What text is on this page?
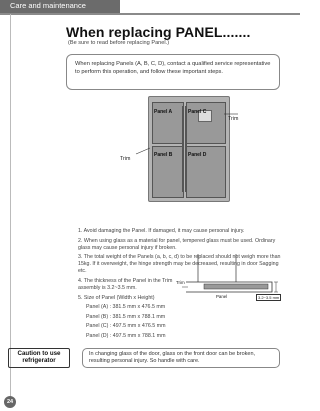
Care and maintenance
When replacing PANEL.......
(Be sure to read before replacing Panel.)
When replacing Panels (A, B, C, D), contact a qualified service representative to perform this operation, and follow these important steps.
Panel A	Panel C
Panel B	Panel D
Trim
Trim

1. Avoid damaging the Panel. If damaged, it may cause personal injury.

2. When using glass as a material for panel, tempered glass must be used. Ordinary glass may cause personal injury if broken.

3. The total weight of the Panels (a, b, c, d) to be replaced should not weigh more than 15kg. If it overweight, the hinge strength may be decreased, resulting in door Sagging etc.

4. The thickness of the Panel in the Trim assembly is 3.2~3.5 mm.

5. Size of Panel (Width x Height)

Panel (A) : 381.5 mm x 476.5 mm

Panel (B) : 381.5 mm x 788.1 mm

Panel (C) : 497.5 mm x 476.5 mm

Panel (D) : 497.5 mm x 788.1 mm

Trim
Panel	3.2~3.5 mm
Caution to use refrigerator
In changing glass of the door, glass on the front door can be broken, resulting personal injury. So handle with care.
24
